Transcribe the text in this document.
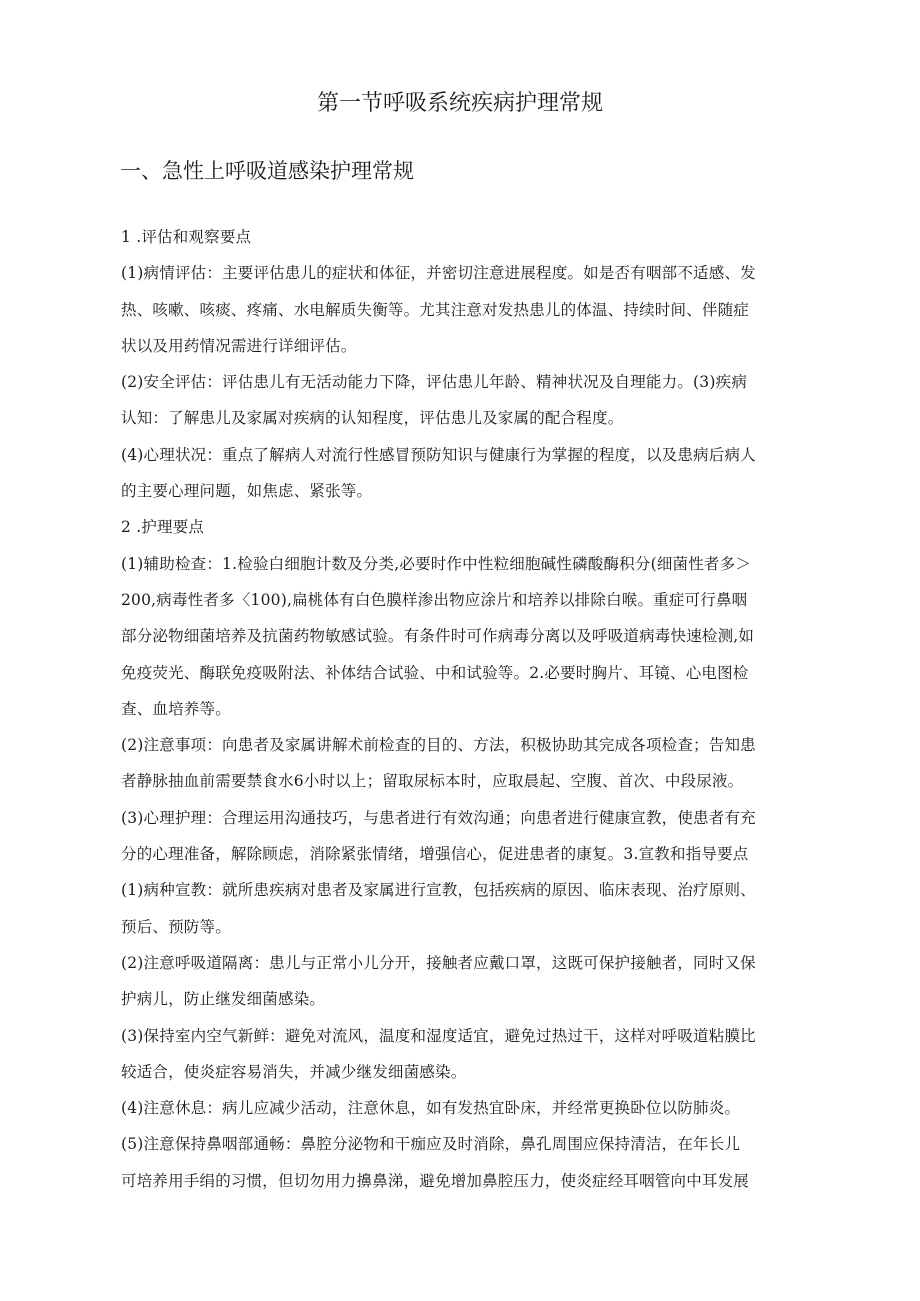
第一节呼吸系统疾病护理常规
一、急性上呼吸道感染护理常规
1 .评估和观察要点
(1)病情评估：主要评估患儿的症状和体征，并密切注意进展程度。如是否有咽部不适感、发
热、咳嗽、咳痰、疼痛、水电解质失衡等。尤其注意对发热患儿的体温、持续时间、伴随症
状以及用药情况需进行详细评估。
(2)安全评估：评估患儿有无活动能力下降，评估患儿年龄、精神状况及自理能力。(3)疾病
认知：了解患儿及家属对疾病的认知程度，评估患儿及家属的配合程度。
(4)心理状况：重点了解病人对流行性感冒预防知识与健康行为掌握的程度，以及患病后病人
的主要心理问题，如焦虑、紧张等。
2 .护理要点
(1)辅助检查：1.检验白细胞计数及分类,必要时作中性粒细胞碱性磷酸酶积分(细菌性者多＞
200,病毒性者多〈100),扁桃体有白色膜样渗出物应涂片和培养以排除白喉。重症可行鼻咽
部分泌物细菌培养及抗菌药物敏感试验。有条件时可作病毒分离以及呼吸道病毒快速检测,如
免疫荧光、酶联免疫吸附法、补体结合试验、中和试验等。2.必要时胸片、耳镜、心电图检
查、血培养等。
(2)注意事项：向患者及家属讲解术前检查的目的、方法，积极协助其完成各项检查；告知患
者静脉抽血前需要禁食水6小时以上；留取尿标本时，应取晨起、空腹、首次、中段尿液。
(3)心理护理：合理运用沟通技巧，与患者进行有效沟通；向患者进行健康宣教，使患者有充
分的心理准备，解除顾虑，消除紧张情绪，增强信心，促进患者的康复。3.宣教和指导要点
(1)病种宣教：就所患疾病对患者及家属进行宣教，包括疾病的原因、临床表现、治疗原则、
预后、预防等。
(2)注意呼吸道隔离：患儿与正常小儿分开，接触者应戴口罩，这既可保护接触者，同时又保
护病儿，防止继发细菌感染。
(3)保持室内空气新鲜：避免对流风，温度和湿度适宜，避免过热过干，这样对呼吸道粘膜比
较适合，使炎症容易消失，并减少继发细菌感染。
(4)注意休息：病儿应减少活动，注意休息，如有发热宜卧床，并经常更换卧位以防肺炎。
(5)注意保持鼻咽部通畅：鼻腔分泌物和干痂应及时消除，鼻孔周围应保持清洁，在年长儿
可培养用手绢的习惯，但切勿用力擤鼻涕，避免增加鼻腔压力，使炎症经耳咽管向中耳发展
